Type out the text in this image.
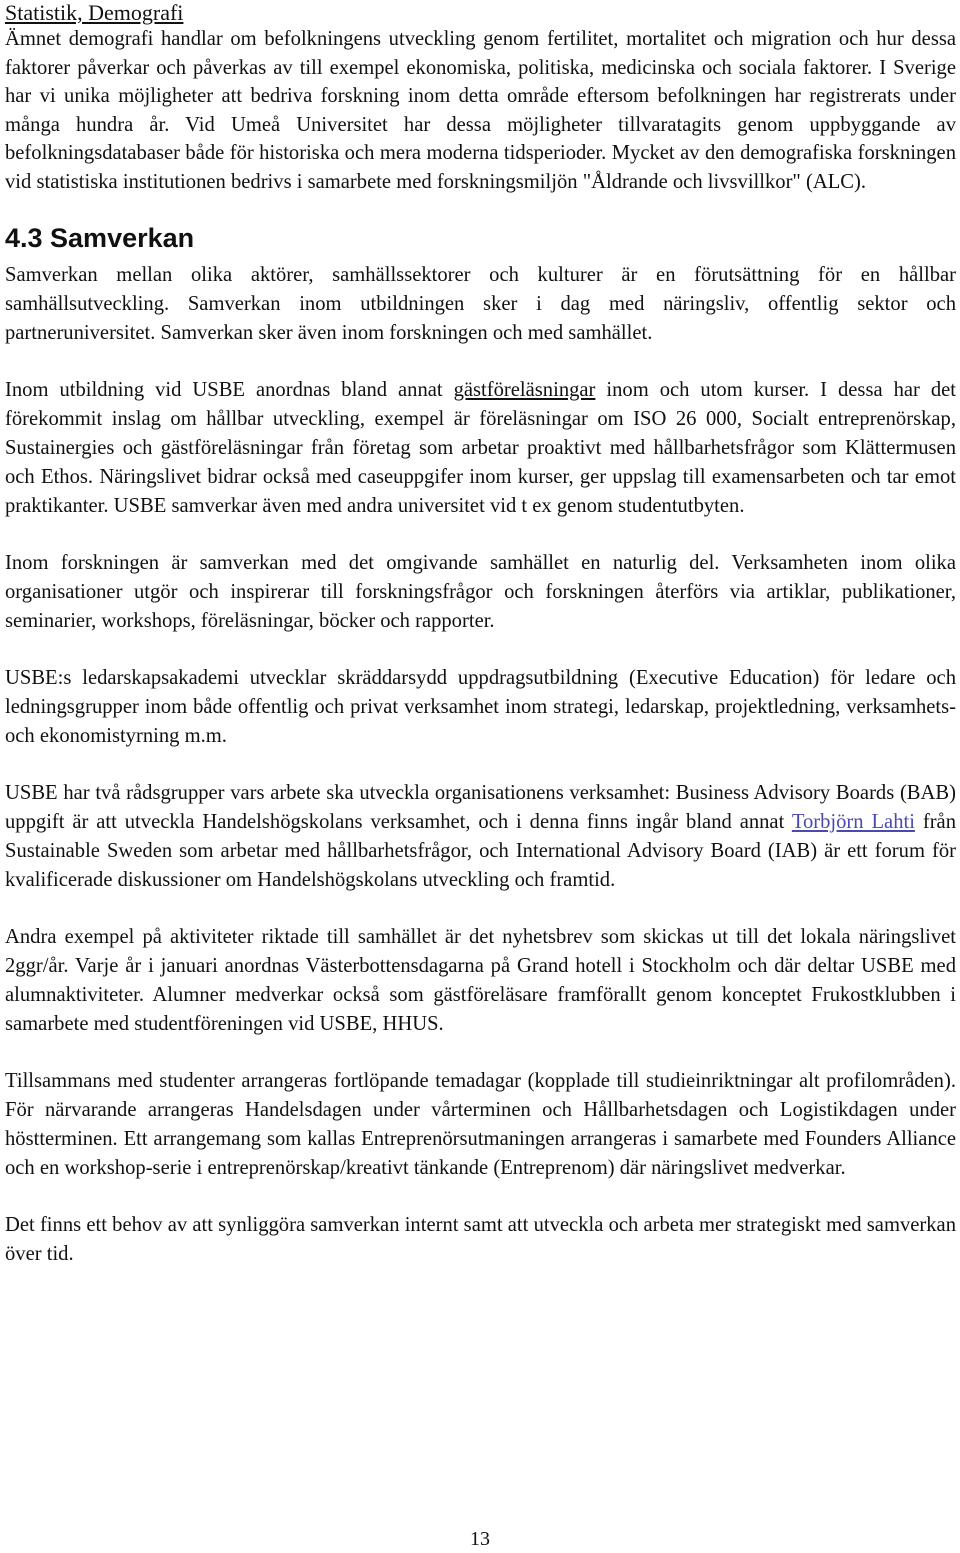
Statistik, Demografi

Ämnet demografi handlar om befolkningens utveckling genom fertilitet, mortalitet och migration och hur dessa faktorer påverkar och påverkas av till exempel ekonomiska, politiska, medicinska och sociala faktorer. I Sverige har vi unika möjligheter att bedriva forskning inom detta område eftersom befolkningen har registrerats under många hundra år. Vid Umeå Universitet har dessa möjligheter tillvaratagits genom uppbyggande av befolkningsdatabaser både för historiska och mera moderna tidsperioder. Mycket av den demografiska forskningen vid statistiska institutionen bedrivs i samarbete med forskningsmiljön "Åldrande och livsvillkor" (ALC).

4.3 Samverkan

Samverkan mellan olika aktörer, samhällssektorer och kulturer är en förutsättning för en hållbar samhällsutveckling. Samverkan inom utbildningen sker i dag med näringsliv, offentlig sektor och partneruniversitet. Samverkan sker även inom forskningen och med samhället.

Inom utbildning vid USBE anordnas bland annat gästföreläsningar inom och utom kurser. I dessa har det förekommit inslag om hållbar utveckling, exempel är föreläsningar om ISO 26 000, Socialt entreprenörskap, Sustainergies och gästföreläsningar från företag som arbetar proaktivt med hållbarhetsfrågor som Klättermusen och Ethos. Näringslivet bidrar också med caseuppgifer inom kurser, ger uppslag till examensarbeten och tar emot praktikanter. USBE samverkar även med andra universitet vid t ex genom studentutbyten.

Inom forskningen är samverkan med det omgivande samhället en naturlig del. Verksamheten inom olika organisationer utgör och inspirerar till forskningsfrågor och forskningen återförs via artiklar, publikationer, seminarier, workshops, föreläsningar, böcker och rapporter.

USBE:s ledarskapsakademi utvecklar skräddarsydd uppdragsutbildning (Executive Education) för ledare och ledningsgrupper inom både offentlig och privat verksamhet inom strategi, ledarskap, projektledning, verksamhets- och ekonomistyrning m.m.

USBE har två rådsgrupper vars arbete ska utveckla organisationens verksamhet: Business Advisory Boards (BAB) uppgift är att utveckla Handelshögskolans verksamhet, och i denna finns ingår bland annat Torbjörn Lahti från Sustainable Sweden som arbetar med hållbarhetsfrågor, och International Advisory Board (IAB) är ett forum för kvalificerade diskussioner om Handelshögskolans utveckling och framtid.

Andra exempel på aktiviteter riktade till samhället är det nyhetsbrev som skickas ut till det lokala näringslivet 2ggr/år. Varje år i januari anordnas Västerbottensdagarna på Grand hotell i Stockholm och där deltar USBE med alumnaktiviteter. Alumner medverkar också som gästföreläsare framförallt genom konceptet Frukostklubben i samarbete med studentföreningen vid USBE, HHUS.

Tillsammans med studenter arrangeras fortlöpande temadagar (kopplade till studieinriktningar alt profilområden). För närvarande arrangeras Handelsdagen under vårterminen och Hållbarhetsdagen och Logistikdagen under höstterminen. Ett arrangemang som kallas Entreprenörsutmaningen arrangeras i samarbete med Founders Alliance och en workshop-serie i entreprenörskap/kreativt tänkande (Entreprenom) där näringslivet medverkar.

Det finns ett behov av att synliggöra samverkan internt samt att utveckla och arbeta mer strategiskt med samverkan över tid.

13
